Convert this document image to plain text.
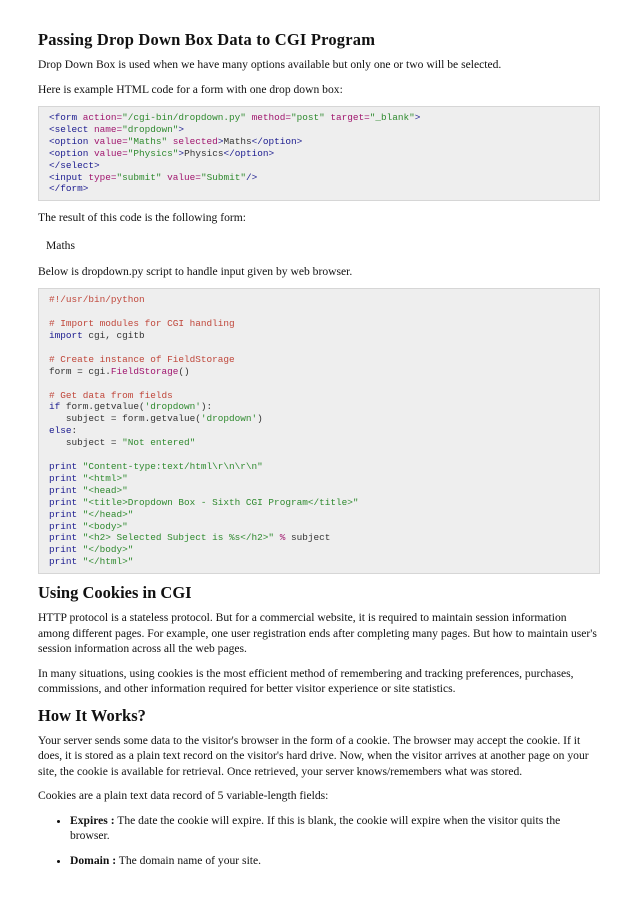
Passing Drop Down Box Data to CGI Program

Drop Down Box is used when we have many options available but only one or two will be selected.

Here is example HTML code for a form with one drop down box:

<form action="/cgi-bin/dropdown.py" method="post" target="_blank">
<select name="dropdown">
<option value="Maths" selected>Maths</option>
<option value="Physics">Physics</option>
</select>
<input type="submit" value="Submit"/>
</form>

The result of this code is the following form:

Maths

Below is dropdown.py script to handle input given by web browser.

#!/usr/bin/python
# Import modules for CGI handling
import cgi, cgitb
# Create instance of FieldStorage
form = cgi.FieldStorage()
# Get data from fields
if form.getvalue('dropdown'):
subject = form.getvalue('dropdown')
else:
subject = "Not entered"
print "Content-type:text/html\r\n\r\n"
print "<html>"
print "<head>"
print "<title>Dropdown Box - Sixth CGI Program</title>"
print "</head>"
print "<body>"
print "<h2> Selected Subject is %s</h2>" % subject
print "</body>"
print "</html>"
Using Cookies in CGI

HTTP protocol is a stateless protocol. But for a commercial website, it is required to maintain session information among different pages. For example, one user registration ends after completing many pages. But how to maintain user's session information across all the web pages.

In many situations, using cookies is the most efficient method of remembering and tracking preferences, purchases, commissions, and other information required for better visitor experience or site statistics.

How It Works?

Your server sends some data to the visitor's browser in the form of a cookie. The browser may accept the cookie. If it does, it is stored as a plain text record on the visitor's hard drive. Now, when the visitor arrives at another page on your site, the cookie is available for retrieval. Once retrieved, your server knows/remembers what was stored.

Cookies are a plain text data record of 5 variable-length fields:

• Expires : The date the cookie will expire. If this is blank, the cookie will expire when the visitor quits the browser.
• Domain : The domain name of your site.
